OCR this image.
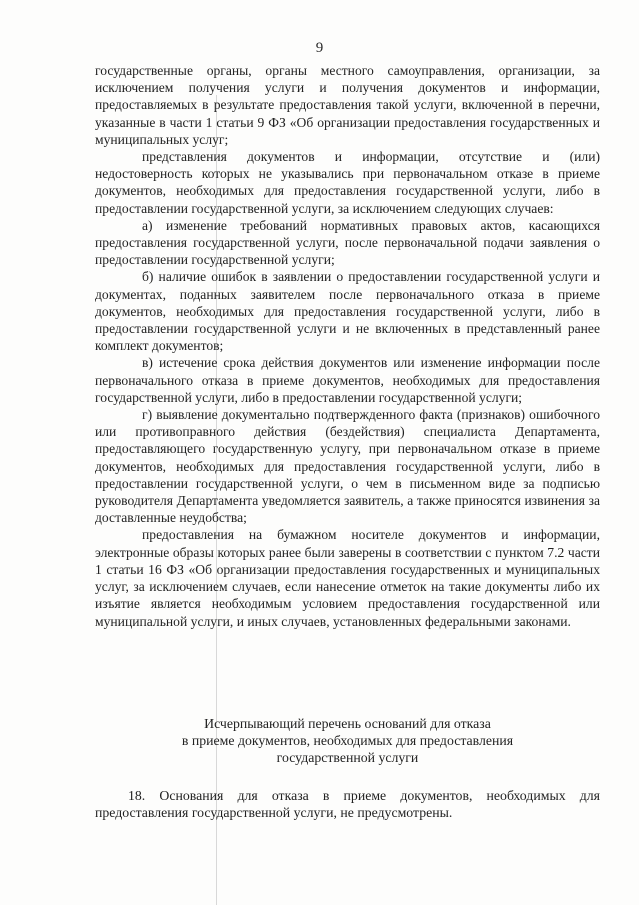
9

государственные органы, органы местного самоуправления, организации, за исключением получения услуги и получения документов и информации, предоставляемых в результате предоставления такой услуги, включенной в перечни, указанные в части 1 статьи 9 ФЗ «Об организации предоставления государственных и муниципальных услуг;

представления документов и информации, отсутствие и (или) недостоверность которых не указывались при первоначальном отказе в приеме документов, необходимых для предоставления государственной услуги, либо в предоставлении государственной услуги, за исключением следующих случаев:

а) изменение требований нормативных правовых актов, касающихся предоставления государственной услуги, после первоначальной подачи заявления о предоставлении государственной услуги;

б) наличие ошибок в заявлении о предоставлении государственной услуги и документах, поданных заявителем после первоначального отказа в приеме документов, необходимых для предоставления государственной услуги, либо в предоставлении государственной услуги и не включенных в представленный ранее комплект документов;

в) истечение срока действия документов или изменение информации после первоначального отказа в приеме документов, необходимых для предоставления государственной услуги, либо в предоставлении государственной услуги;

г) выявление документально подтвержденного факта (признаков) ошибочного или противоправного действия (бездействия) специалиста Департамента, предоставляющего государственную услугу, при первоначальном отказе в приеме документов, необходимых для предоставления государственной услуги, либо в предоставлении государственной услуги, о чем в письменном виде за подписью руководителя Департамента уведомляется заявитель, а также приносятся извинения за доставленные неудобства;

предоставления на бумажном носителе документов и информации, электронные образы которых ранее были заверены в соответствии с пунктом 7.2 части 1 статьи 16 ФЗ «Об организации предоставления государственных и муниципальных услуг, за исключением случаев, если нанесение отметок на такие документы либо их изъятие является необходимым условием предоставления государственной или муниципальной услуги, и иных случаев, установленных федеральными законами.

Исчерпывающий перечень оснований для отказа
в приеме документов, необходимых для предоставления
государственной услуги

18. Основания для отказа в приеме документов, необходимых для предоставления государственной услуги, не предусмотрены.
